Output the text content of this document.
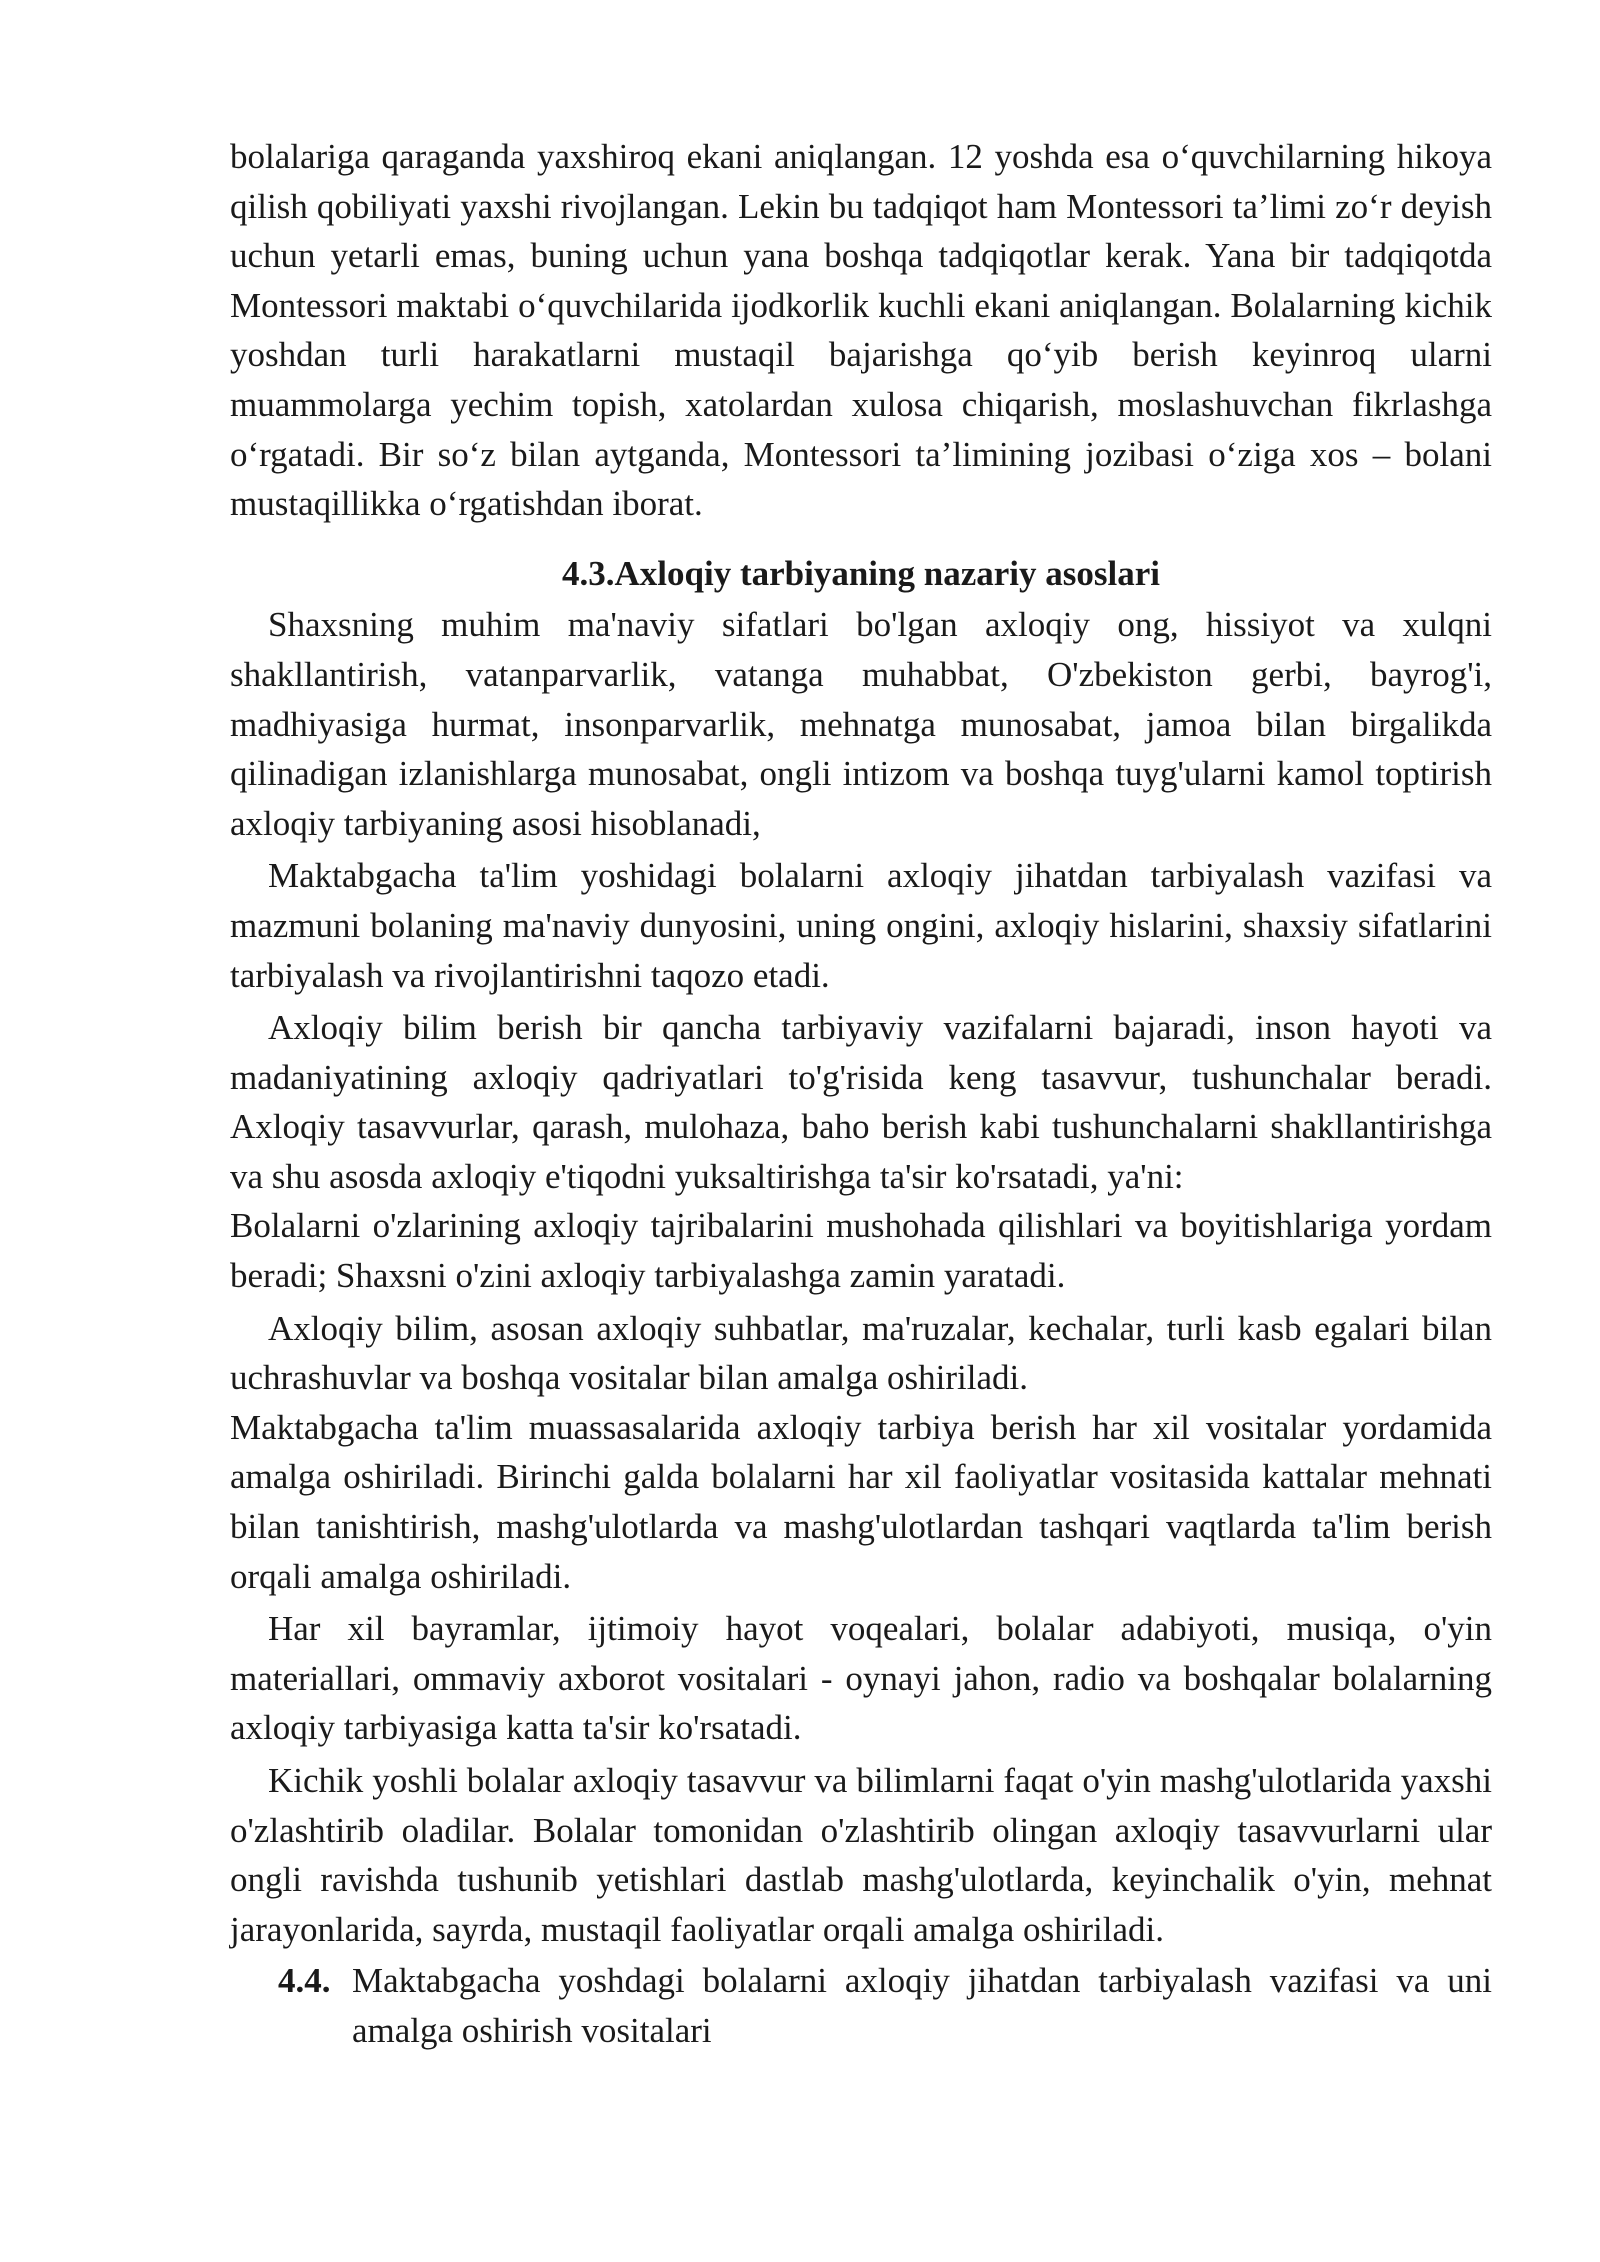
bolalariga qaraganda yaxshiroq ekani aniqlangan. 12 yoshda esa o‘quvchilarning hikoya qilish qobiliyati yaxshi rivojlangan. Lekin bu tadqiqot ham Montessori ta’limi zo‘r deyish uchun yetarli emas, buning uchun yana boshqa tadqiqotlar kerak. Yana bir tadqiqotda Montessori maktabi o‘quvchilarida ijodkorlik kuchli ekani aniqlangan. Bolalarning kichik yoshdan turli harakatlarni mustaqil bajarishga qo‘yib berish keyinroq ularni muammolarga yechim topish, xatolardan xulosa chiqarish, moslashuvchan fikrlashga o‘rgatadi. Bir so‘z bilan aytganda, Montessori ta’limining jozibasi o‘ziga xos – bolani mustaqillikka o‘rgatishdan iborat.

4.3.Axloqiy tarbiyaning nazariy asoslari

Shaxsning muhim ma'naviy sifatlari bo'lgan axloqiy ong, hissiyot va xulqni shakllantirish, vatanparvarlik, vatanga muhabbat, O'zbekiston gerbi, bayrog'i, madhiyasiga hurmat, insonparvarlik, mehnatga munosabat, jamoa bilan birgalikda qilinadigan izlanishlarga munosabat, ongli intizom va boshqa tuyg'ularni kamol toptirish axloqiy tarbiyaning asosi hisoblanadi,

Maktabgacha ta'lim yoshidagi bolalarni axloqiy jihatdan tarbiyalash vazifasi va mazmuni bolaning ma'naviy dunyosini, uning ongini, axloqiy hislarini, shaxsiy sifatlarini tarbiyalash va rivojlantirishni taqozo etadi.

Axloqiy bilim berish bir qancha tarbiyaviy vazifalarni bajaradi, inson hayoti va madaniyatining axloqiy qadriyatlari to'g'risida keng tasavvur, tushunchalar beradi. Axloqiy tasavvurlar, qarash, mulohaza, baho berish kabi tushunchalarni shakllantirishga va shu asosda axloqiy e'tiqodni yuksaltirishga ta'sir ko'rsatadi, ya'ni:

Bolalarni o'zlarining axloqiy tajribalarini mushohada qilishlari va boyitishlariga yordam beradi; Shaxsni o'zini axloqiy tarbiyalashga zamin yaratadi.

Axloqiy bilim, asosan axloqiy suhbatlar, ma'ruzalar, kechalar, turli kasb egalari bilan uchrashuvlar va boshqa vositalar bilan amalga oshiriladi.

Maktabgacha ta'lim muassasalarida axloqiy tarbiya berish har xil vositalar yordamida amalga oshiriladi. Birinchi galda bolalarni har xil faoliyatlar vositasida kattalar mehnati bilan tanishtirish, mashg'ulotlarda va mashg'ulotlardan tashqari vaqtlarda ta'lim berish orqali amalga oshiriladi.

Har xil bayramlar, ijtimoiy hayot voqealari, bolalar adabiyoti, musiqa, o'yin materiallari, ommaviy axborot vositalari - oynayi jahon, radio va boshqalar bolalarning axloqiy tarbiyasiga katta ta'sir ko'rsatadi.

Kichik yoshli bolalar axloqiy tasavvur va bilimlarni faqat o'yin mashg'ulotlarida yaxshi o'zlashtirib oladilar. Bolalar tomonidan o'zlashtirib olingan axloqiy tasavvurlarni ular ongli ravishda tushunib yetishlari dastlab mashg'ulotlarda, keyinchalik o'yin, mehnat jarayonlarida, sayrda, mustaqil faoliyatlar orqali amalga oshiriladi.

4.4. Maktabgacha yoshdagi bolalarni axloqiy jihatdan tarbiyalash vazifasi va uni amalga oshirish vositalari
